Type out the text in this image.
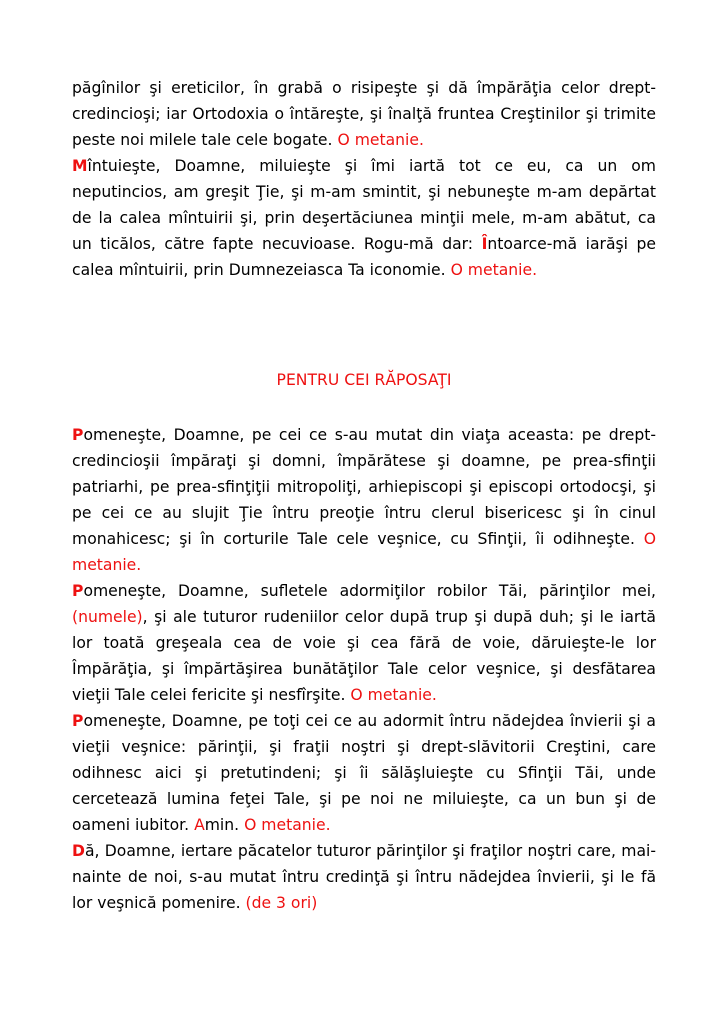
păgînilor şi ereticilor, în grabă o risipeşte şi dă împărăţia celor drept-credincioşi; iar Ortodoxia o întăreşte, şi înalţă fruntea Creştinilor şi trimite peste noi milele tale cele bogate. O metanie.

Mîntuieşte, Doamne, miluieşte şi îmi iartă tot ce eu, ca un om neputincios, am greşit Ţie, şi m-am smintit, şi nebuneşte m-am depărtat de la calea mîntuirii şi, prin deşertăciunea minţii mele, m-am abătut, ca un ticălos, către fapte necuvioase. Rogu-mă dar: Întoarce-mă iarăşi pe calea mîntuirii, prin Dumnezeiasca Ta iconomie. O metanie.

PENTRU CEI RĂPOSAŢI

Pomeneşte, Doamne, pe cei ce s-au mutat din viaţa aceasta: pe drept-credincioşii împăraţi şi domni, împărătese şi doamne, pe prea-sfinţii patriarhi, pe prea-sfinţiţii mitropoliţi, arhiepiscopi şi episcopi ortodocşi, şi pe cei ce au slujit Ţie întru preoţie întru clerul bisericesc şi în cinul monahicesc; şi în corturile Tale cele veşnice, cu Sfinţii, îi odihneşte. O metanie.

Pomeneşte, Doamne, sufletele adormiţilor robilor Tăi, părinţilor mei, (numele), şi ale tuturor rudeniilor celor după trup şi după duh; şi le iartă lor toată greşeala cea de voie şi cea fără de voie, dăruieşte-le lor Împărăţia, şi împărtăşirea bunătăţilor Tale celor veşnice, şi desfătarea vieţii Tale celei fericite şi nesfîrşite. O metanie.

Pomeneşte, Doamne, pe toţi cei ce au adormit întru nădejdea învierii şi a vieţii veşnice: părinţii, şi fraţii noştri şi drept-slăvitorii Creştini, care odihnesc aici şi pretutindeni; şi îi sălăşluieşte cu Sfinţii Tăi, unde cercetează lumina feţei Tale, şi pe noi ne miluieşte, ca un bun şi de oameni iubitor. Amin. O metanie.

Dă, Doamne, iertare păcatelor tuturor părinţilor şi fraţilor noştri care, mai-nainte de noi, s-au mutat întru credinţă şi întru nădejdea învierii, şi le fă lor veşnică pomenire. (de 3 ori)
